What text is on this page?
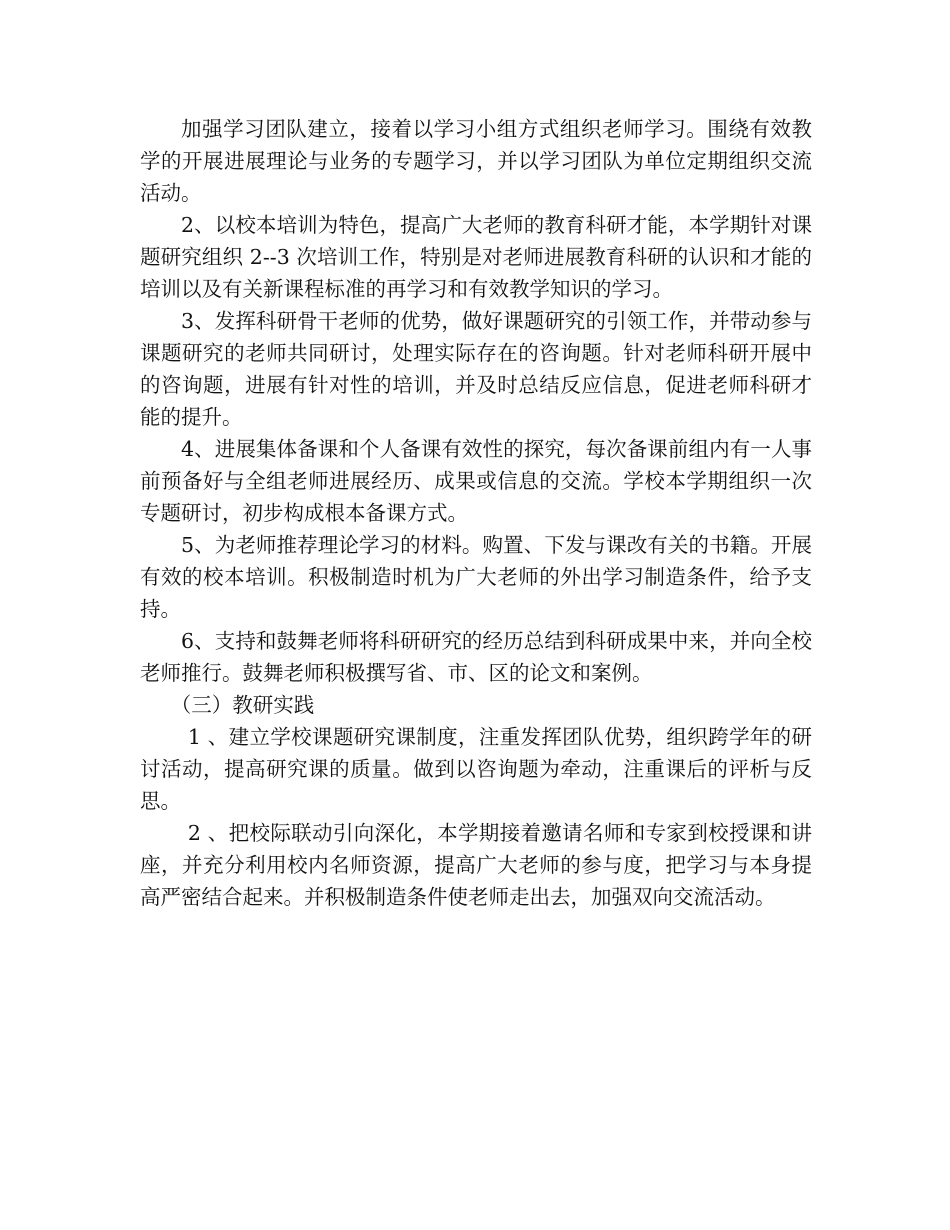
加强学习团队建立，接着以学习小组方式组织老师学习。围绕有效教学的开展进展理论与业务的专题学习，并以学习团队为单位定期组织交流活动。

2、以校本培训为特色，提高广大老师的教育科研才能，本学期针对课题研究组织 2--3 次培训工作，特别是对老师进展教育科研的认识和才能的培训以及有关新课程标准的再学习和有效教学知识的学习。

3、发挥科研骨干老师的优势，做好课题研究的引领工作，并带动参与课题研究的老师共同研讨，处理实际存在的咨询题。针对老师科研开展中的咨询题，进展有针对性的培训，并及时总结反应信息，促进老师科研才能的提升。

4、进展集体备课和个人备课有效性的探究，每次备课前组内有一人事前预备好与全组老师进展经历、成果或信息的交流。学校本学期组织一次专题研讨，初步构成根本备课方式。

5、为老师推荐理论学习的材料。购置、下发与课改有关的书籍。开展有效的校本培训。积极制造时机为广大老师的外出学习制造条件，给予支持。

6、支持和鼓舞老师将科研研究的经历总结到科研成果中来，并向全校老师推行。鼓舞老师积极撰写省、市、区的论文和案例。

（三）教研实践

1 、建立学校课题研究课制度，注重发挥团队优势，组织跨学年的研讨活动，提高研究课的质量。做到以咨询题为牵动，注重课后的评析与反思。

2 、把校际联动引向深化，本学期接着邀请名师和专家到校授课和讲座，并充分利用校内名师资源，提高广大老师的参与度，把学习与本身提高严密结合起来。并积极制造条件使老师走出去，加强双向交流活动。
